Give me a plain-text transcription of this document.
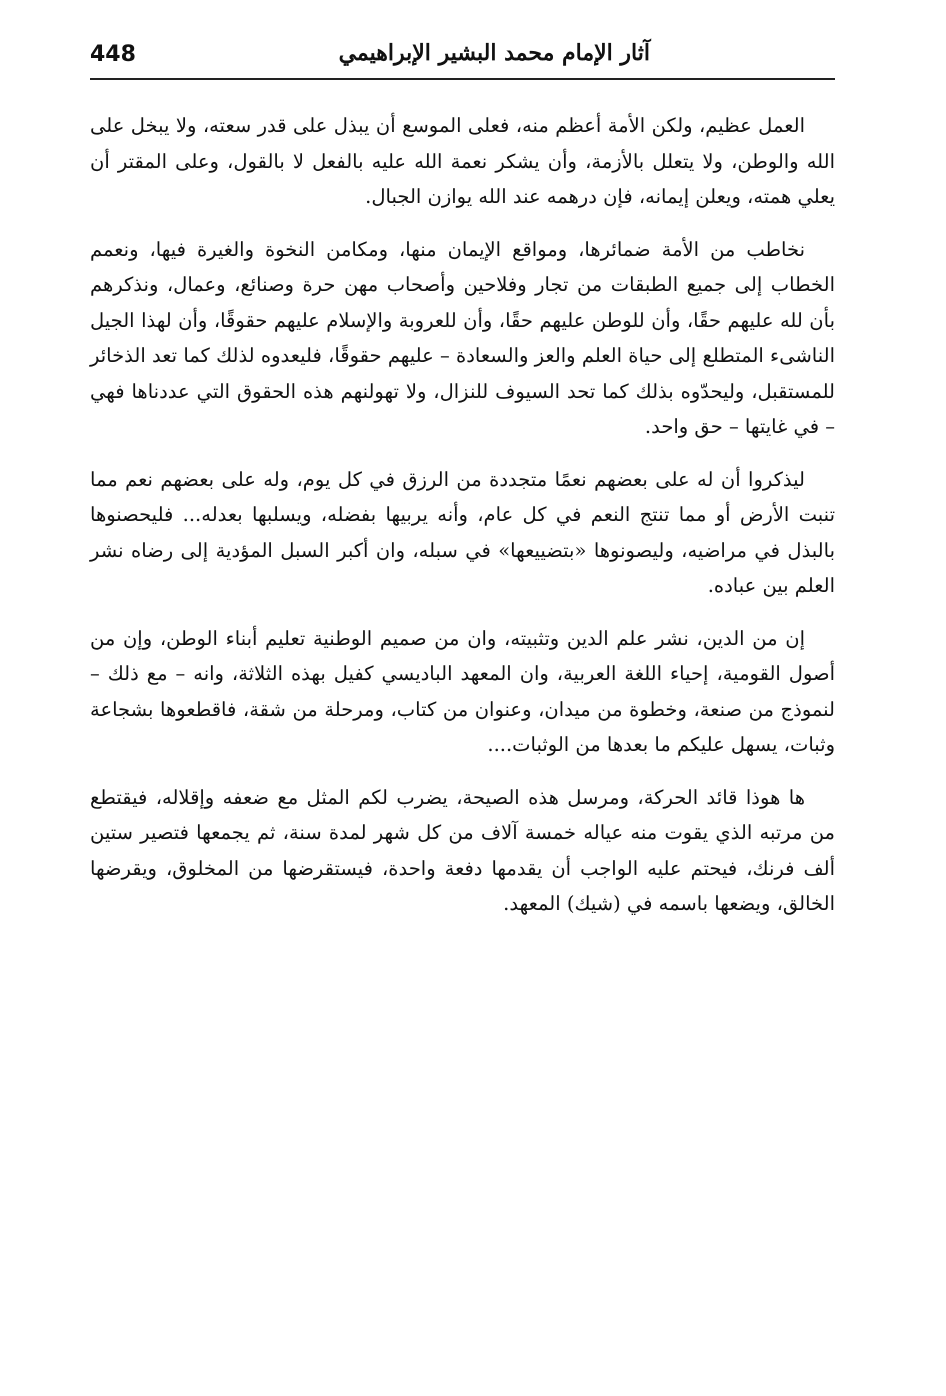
448	آثار الإمام محمد البشير الإبراهيمي

العمل عظيم، ولكن الأمة أعظم منه، فعلى الموسع أن يبذل على قدر سعته، ولا يبخل على الله والوطن، ولا يتعلل بالأزمة، وأن يشكر نعمة الله عليه بالفعل لا بالقول، وعلى المقتر أن يعلي همته، ويعلن إيمانه، فإن درهمه عند الله يوازن الجبال.

نخاطب من الأمة ضمائرها، ومواقع الإيمان منها، ومكامن النخوة والغيرة فيها، ونعمم الخطاب إلى جميع الطبقات من تجار وفلاحين وأصحاب مهن حرة وصنائع، وعمال، ونذكرهم بأن لله عليهم حقًا، وأن للوطن عليهم حقًا، وأن للعروبة والإسلام عليهم حقوقًا، وأن لهذا الجيل الناشىء المتطلع إلى حياة العلم والعز والسعادة – عليهم حقوقًا، فليعدوه لذلك كما تعد الذخائر للمستقبل، وليحدّوه بذلك كما تحد السيوف للنزال، ولا تهولنهم هذه الحقوق التي عددناها فهي – في غايتها – حق واحد.

ليذكروا أن له على بعضهم نعمًا متجددة من الرزق في كل يوم، وله على بعضهم نعم مما تنبت الأرض أو مما تنتج النعم في كل عام، وأنه يربيها بفضله، ويسلبها بعدله... فليحصنوها بالبذل في مراضيه، وليصونوها «بتضييعها» في سبله، وان أكبر السبل المؤدية إلى رضاه نشر العلم بين عباده.

إن من الدين، نشر علم الدين وتثبيته، وان من صميم الوطنية تعليم أبناء الوطن، وإن من أصول القومية، إحياء اللغة العربية، وان المعهد الباديسي كفيل بهذه الثلاثة، وانه – مع ذلك – لنموذج من صنعة، وخطوة من ميدان، وعنوان من كتاب، ومرحلة من شقة، فاقطعوها بشجاعة وثبات، يسهل عليكم ما بعدها من الوثبات....

ها هوذا قائد الحركة، ومرسل هذه الصيحة، يضرب لكم المثل مع ضعفه وإقلاله، فيقتطع من مرتبه الذي يقوت منه عياله خمسة آلاف من كل شهر لمدة سنة، ثم يجمعها فتصير ستين ألف فرنك، فيحتم عليه الواجب أن يقدمها دفعة واحدة، فيستقرضها من المخلوق، ويقرضها الخالق، ويضعها باسمه في (شيك) المعهد.
